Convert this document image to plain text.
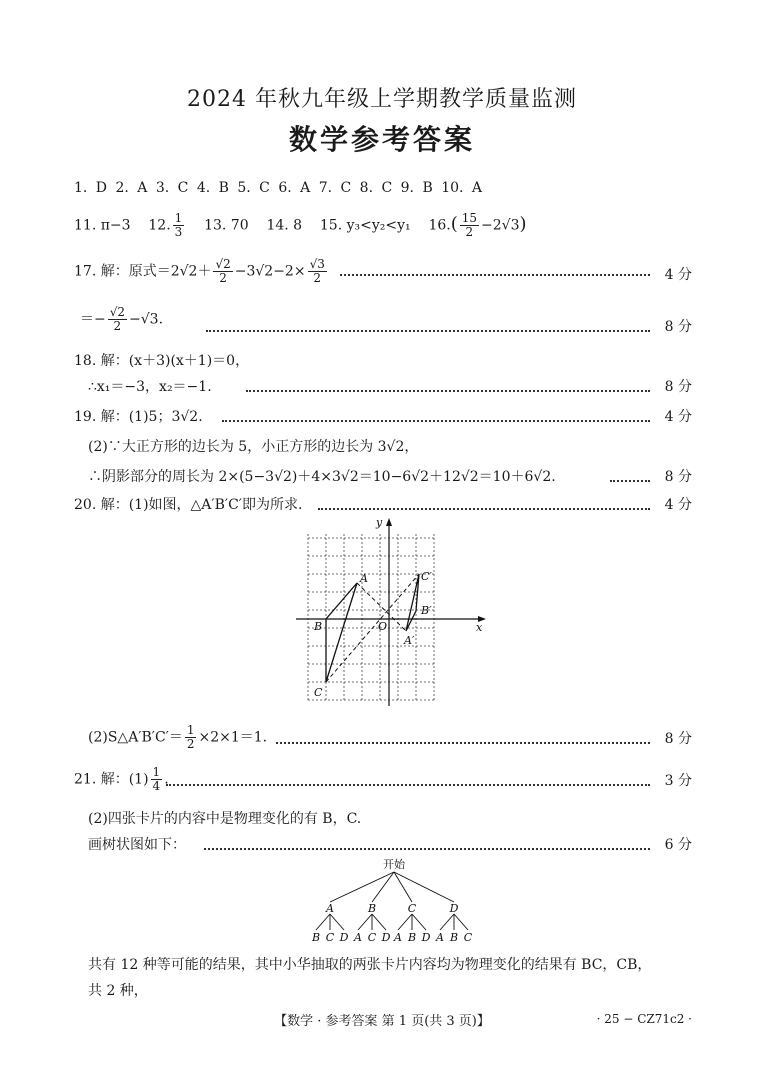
2024 年秋九年级上学期教学质量监测
数学参考答案
1. D 2. A 3. C 4. B 5. C 6. A 7. C 8. C 9. B 10. A
11. π−3 12. $\frac{1}{3} 13$. 70 14. 8 15. y₃<y₂<y₁ $16.( \frac{15}{2} -2√3)$
17. 解：原式$=2√2+ \frac{√2}{2} -3√2-2\times \frac{√3}{2}$	4 分
＝− $\frac{√2}{2} -√3$.	8 分
18. 解：(x＋3)(x＋1)＝0，
∴x₁＝−3，x₂＝−1.	8 分
19. 解：(1)5；3√2.	4 分
(2)∵大正方形的边长为 5，小正方形的边长为 3√2，
∴阴影部分的周长为 2×(5−3√2)＋4×3√2＝10−6√2＋12√2＝10＋6√2.	8 分
20. 解：(1)如图，△A′B′C′即为所求.	4 分
x
y
O
A
B
C
A′
B′
C′
(2)S△A′B′C′＝ $\frac{1}{2} \times 2\times 1=1$.	8 分
21. 解：$(1) \frac{1}{4}$ .	3 分
(2)四张卡片的内容中是物理变化的有 B，C.
画树状图如下：	6 分
开始
A	B	C	D
B C D A C D A B D A B C
共有 12 种等可能的结果，其中小华抽取的两张卡片内容均为物理变化的结果有 BC，CB，
共 2 种，
【数学 · 参考答案 第 1 页(共 3 页)】	· 25 − CZ71c2 ·
